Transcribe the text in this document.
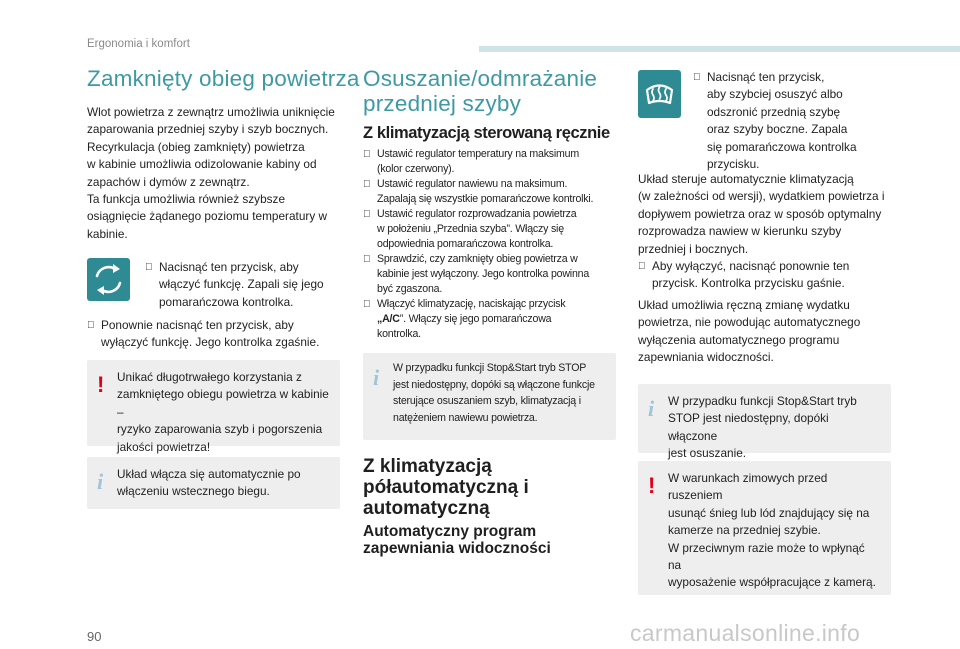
Ergonomia i komfort
Zamknięty obieg powietrza

Wlot powietrza z zewnątrz umożliwia uniknięcie

zaparowania przedniej szyby i szyb bocznych.

Recyrkulacja (obieg zamknięty) powietrza

w kabinie umożliwia odizolowanie kabiny od

zapachów i dymów z zewnątrz.

Ta funkcja umożliwia również szybsze

osiągnięcie żądanego poziomu temperatury w

kabinie.

Nacisnąć ten przycisk, aby
włączyć funkcję. Zapali się jego
pomarańczowa kontrolka.
Ponownie nacisnąć ten przycisk, aby
wyłączyć funkcję. Jego kontrolka zgaśnie.
! Unikać długotrwałego korzystania z
zamkniętego obiegu powietrza w kabinie –
ryzyko zaparowania szyb i pogorszenia
jakości powietrza!
i Układ włącza się automatycznie po
włączeniu wstecznego biegu.
Osuszanie/odmrażanie
przedniej szyby
Z klimatyzacją sterowaną ręcznie
Ustawić regulator temperatury na maksimum
(kolor czerwony).
Ustawić regulator nawiewu na maksimum.
Zapalają się wszystkie pomarańczowe kontrolki.
Ustawić regulator rozprowadzania powietrza
w położeniu „Przednia szyba”. Włączy się
odpowiednia pomarańczowa kontrolka.
Sprawdzić, czy zamknięty obieg powietrza w
kabinie jest wyłączony. Jego kontrolka powinna
być zgaszona.
Włączyć klimatyzację, naciskając przycisk
„A/C”. Włączy się jego pomarańczowa
kontrolka.
i W przypadku funkcji Stop&Start tryb STOP
jest niedostępny, dopóki są włączone funkcje
sterujące osuszaniem szyb, klimatyzacją i
natężeniem nawiewu powietrza.
Z klimatyzacją
półautomatyczną i
automatyczną
Automatyczny program
zapewniania widoczności
Nacisnąć ten przycisk,
aby szybciej osuszyć albo
odszronić przednią szybę
oraz szyby boczne. Zapala
się pomarańczowa kontrolka
przycisku.
Układ steruje automatycznie klimatyzacją
(w zależności od wersji), wydatkiem powietrza i
dopływem powietrza oraz w sposób optymalny
rozprowadza nawiew w kierunku szyby
przedniej i bocznych.
Aby wyłączyć, nacisnąć ponownie ten
przycisk. Kontrolka przycisku gaśnie.
Układ umożliwia ręczną zmianę wydatku
powietrza, nie powodując automatycznego
wyłączenia automatycznego programu
zapewniania widoczności.
i W przypadku funkcji Stop&Start tryb
STOP jest niedostępny, dopóki włączone
jest osuszanie.
! W warunkach zimowych przed ruszeniem
usunąć śnieg lub lód znajdujący się na
kamerze na przedniej szybie.
W przeciwnym razie może to wpłynąć na
wyposażenie współpracujące z kamerą.
90	carmanualsonline.info
